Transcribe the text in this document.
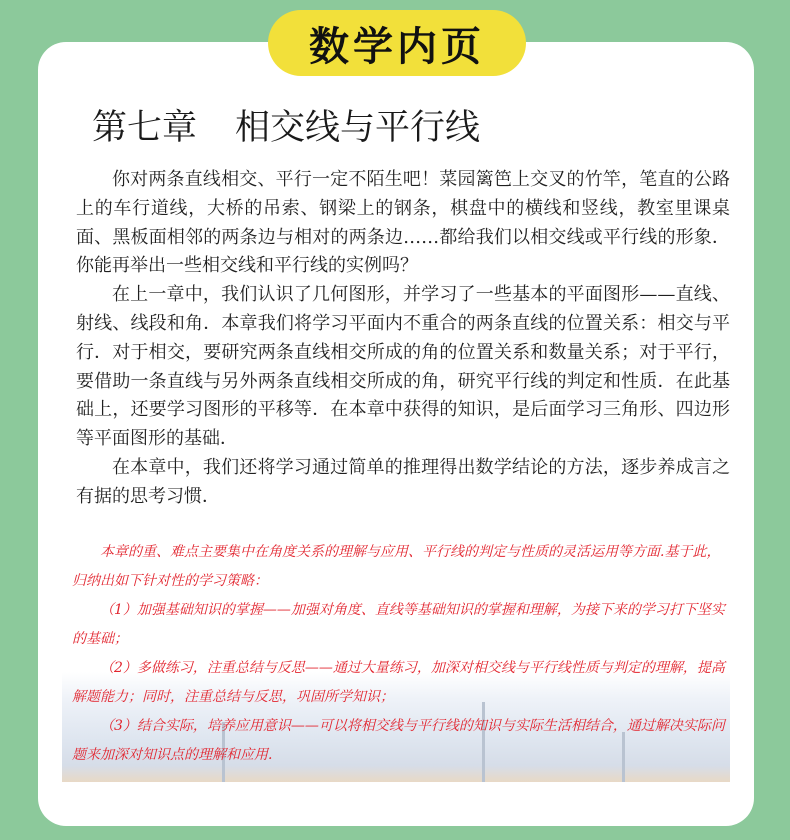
数学内页
第七章 相交线与平行线

你对两条直线相交、平行一定不陌生吧！菜园篱笆上交叉的竹竿，笔直的公路上的车行道线，大桥的吊索、钢梁上的钢条，棋盘中的横线和竖线，教室里课桌面、黑板面相邻的两条边与相对的两条边……都给我们以相交线或平行线的形象．你能再举出一些相交线和平行线的实例吗？

在上一章中，我们认识了几何图形，并学习了一些基本的平面图形——直线、射线、线段和角．本章我们将学习平面内不重合的两条直线的位置关系：相交与平行．对于相交，要研究两条直线相交所成的角的位置关系和数量关系；对于平行，要借助一条直线与另外两条直线相交所成的角，研究平行线的判定和性质．在此基础上，还要学习图形的平移等．在本章中获得的知识，是后面学习三角形、四边形等平面图形的基础．

在本章中，我们还将学习通过简单的推理得出数学结论的方法，逐步养成言之有据的思考习惯．

本章的重、难点主要集中在角度关系的理解与应用、平行线的判定与性质的灵活运用等方面.基于此，归纳出如下针对性的学习策略：

（1）加强基础知识的掌握——加强对角度、直线等基础知识的掌握和理解，为接下来的学习打下坚实的基础；

（2）多做练习，注重总结与反思——通过大量练习，加深对相交线与平行线性质与判定的理解，提高解题能力；同时，注重总结与反思，巩固所学知识；

（3）结合实际，培养应用意识——可以将相交线与平行线的知识与实际生活相结合，通过解决实际问题来加深对知识点的理解和应用.
